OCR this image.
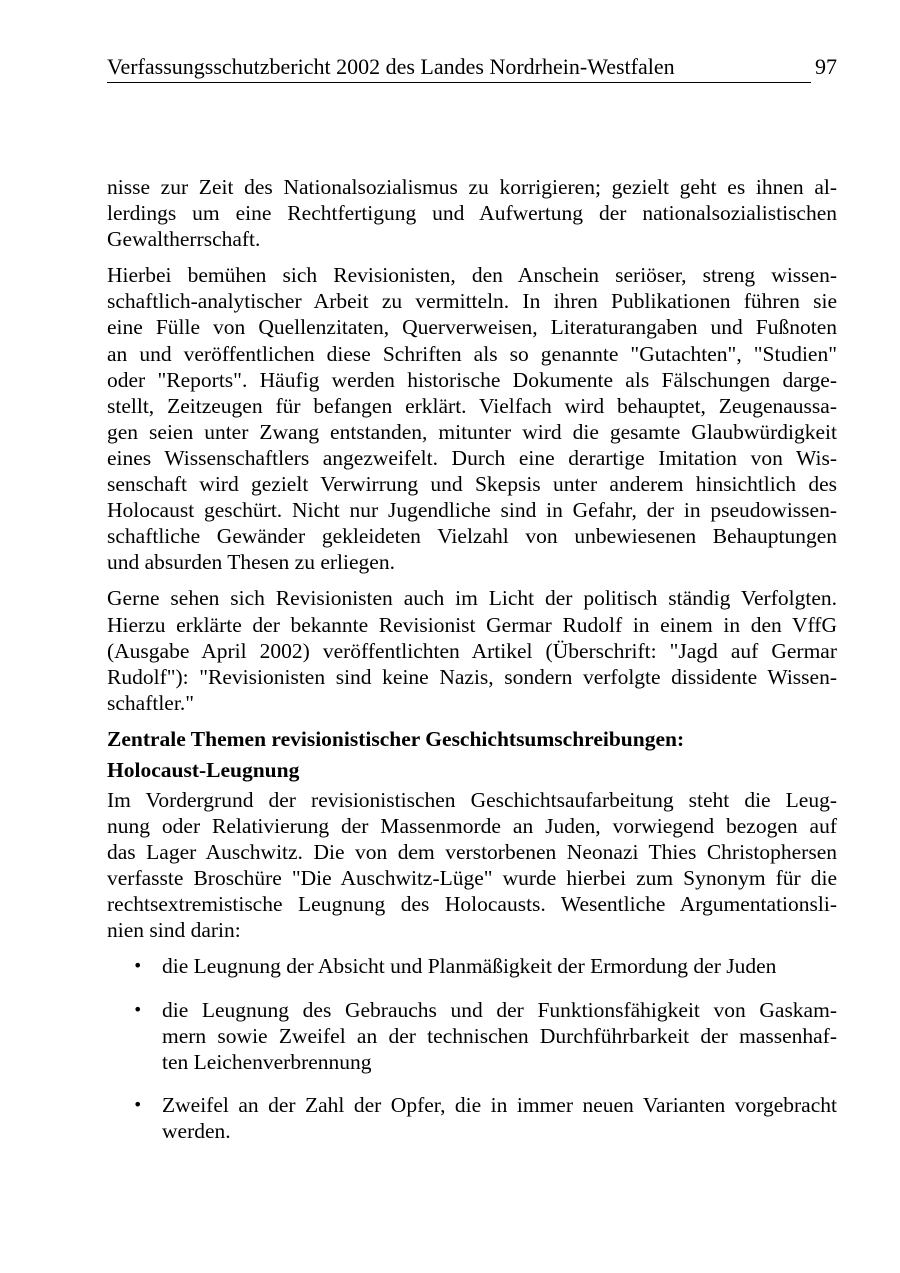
Verfassungsschutzbericht 2002 des Landes Nordrhein-Westfalen	97

nisse zur Zeit des Nationalsozialismus zu korrigieren; gezielt geht es ihnen al-
lerdings um eine Rechtfertigung und Aufwertung der nationalsozialistischen
Gewaltherrschaft.

Hierbei bemühen sich Revisionisten, den Anschein seriöser, streng wissen-
schaftlich-analytischer Arbeit zu vermitteln. In ihren Publikationen führen sie
eine Fülle von Quellenzitaten, Querverweisen, Literaturangaben und Fußnoten
an und veröffentlichen diese Schriften als so genannte "Gutachten", "Studien"
oder "Reports". Häufig werden historische Dokumente als Fälschungen darge-
stellt, Zeitzeugen für befangen erklärt. Vielfach wird behauptet, Zeugenaussa-
gen seien unter Zwang entstanden, mitunter wird die gesamte Glaubwürdigkeit
eines Wissenschaftlers angezweifelt. Durch eine derartige Imitation von Wis-
senschaft wird gezielt Verwirrung und Skepsis unter anderem hinsichtlich des
Holocaust geschürt. Nicht nur Jugendliche sind in Gefahr, der in pseudowissen-
schaftliche Gewänder gekleideten Vielzahl von unbewiesenen Behauptungen
und absurden Thesen zu erliegen.

Gerne sehen sich Revisionisten auch im Licht der politisch ständig Verfolgten.
Hierzu erklärte der bekannte Revisionist Germar Rudolf in einem in den VffG
(Ausgabe April 2002) veröffentlichten Artikel (Überschrift: "Jagd auf Germar
Rudolf"): "Revisionisten sind keine Nazis, sondern verfolgte dissidente Wissen-
schaftler."

Zentrale Themen revisionistischer Geschichtsumschreibungen:
Holocaust-Leugnung

Im Vordergrund der revisionistischen Geschichtsaufarbeitung steht die Leug-
nung oder Relativierung der Massenmorde an Juden, vorwiegend bezogen auf
das Lager Auschwitz. Die von dem verstorbenen Neonazi Thies Christophersen
verfasste Broschüre "Die Auschwitz-Lüge" wurde hierbei zum Synonym für die
rechtsextremistische Leugnung des Holocausts. Wesentliche Argumentationsli-
nien sind darin:

• die Leugnung der Absicht und Planmäßigkeit der Ermordung der Juden
• die Leugnung des Gebrauchs und der Funktionsfähigkeit von Gaskam-
mern sowie Zweifel an der technischen Durchführbarkeit der massenhaf-
ten Leichenverbrennung
• Zweifel an der Zahl der Opfer, die in immer neuen Varianten vorgebracht
werden.
